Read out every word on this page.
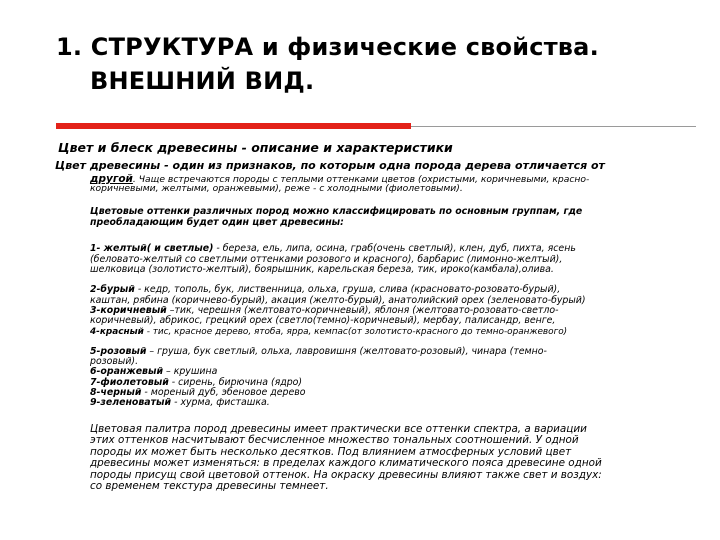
1. СТРУКТУРА и физические свойства.
ВНЕШНИЙ ВИД.
Цвет и блеск древесины - описание и характеристики
Цвет древесины - один из признаков, по которым одна порода дерева отличается от
другой. Чаще встречаются породы с теплыми оттенками цветов (охристыми, коричневыми, красно-
коричневыми, желтыми, оранжевыми), реже - с холодными (фиолетовыми).
Цветовые оттенки различных пород можно классифицировать по основным группам, где
преобладающим будет один цвет древесины:
1- желтый( и светлые) - береза, ель, липа, осина, граб(очень светлый), клен, дуб, пихта, ясень
(беловато-желтый со светлыми оттенками розового и красного), барбарис (лимонно-желтый),
шелковица (золотисто-желтый), боярышник, карельская береза, тик, ироко(камбала),олива.
2-бурый - кедр, тополь, бук, лиственница, ольха, груша, слива (красновато-розовато-бурый),
каштан, рябина (коричнево-бурый), акация (желто-бурый), анатолийский орех (зеленовато-бурый)
3-коричневый –тик, черешня (желтовато-коричневый), яблоня (желтовато-розовато-светло-
коричневый), абрикос, грецкий орех (светло(темно)-коричневый), мербау, палисандр, венге,
4-красный - тис, красное дерево, ятоба, ярра, кемпас(от золотисто-красного до темно-оранжевого)
5-розовый – груша, бук светлый, ольха, лавровишня (желтовато-розовый), чинара (темно-
розовый).
6-оранжевый – крушина
7-фиолетовый - сирень, бирючина (ядро)
8-черный - мореный дуб, эбеновое дерево
9-зеленоватый - хурма, фисташка.
Цветовая палитра пород древесины имеет практически все оттенки спектра, а вариации
этих оттенков насчитывают бесчисленное множество тональных соотношений. У одной
породы их может быть несколько десятков. Под влиянием атмосферных условий цвет
древесины может изменяться: в пределах каждого климатического пояса древесине одной
породы присущ свой цветовой оттенок. На окраску древесины влияют также свет и воздух:
со временем текстура древесины темнеет.
